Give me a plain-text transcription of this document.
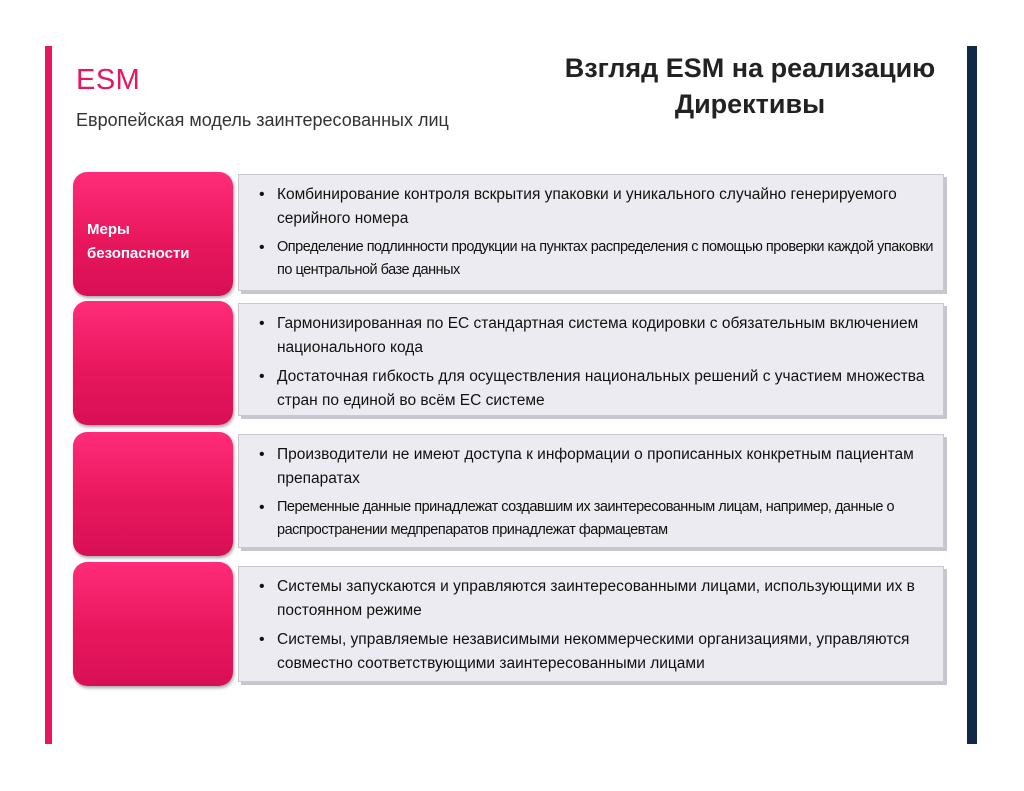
ESM
Европейская модель заинтересованных лиц
Взгляд ESM на реализацию
Директивы
Меры
безопасности
• Комбинирование контроля вскрытия упаковки и уникального случайно генерируемого серийного номера
• Определение подлинности продукции на пунктах распределения с помощью проверки каждой упаковки по центральной базе данных
• Гармонизированная по ЕС стандартная система кодировки с обязательным включением национального кода
• Достаточная гибкость для осуществления национальных решений с участием множества стран по единой во всём ЕС системе
• Производители не имеют доступа к информации о прописанных конкретным пациентам препаратах
• Переменные данные принадлежат создавшим их заинтересованным лицам, например, данные о распространении медпрепаратов принадлежат фармацевтам
• Системы запускаются и управляются заинтересованными лицами, использующими их в постоянном режиме
• Системы, управляемые независимыми некоммерческими организациями, управляются совместно соответствующими заинтересованными лицами
